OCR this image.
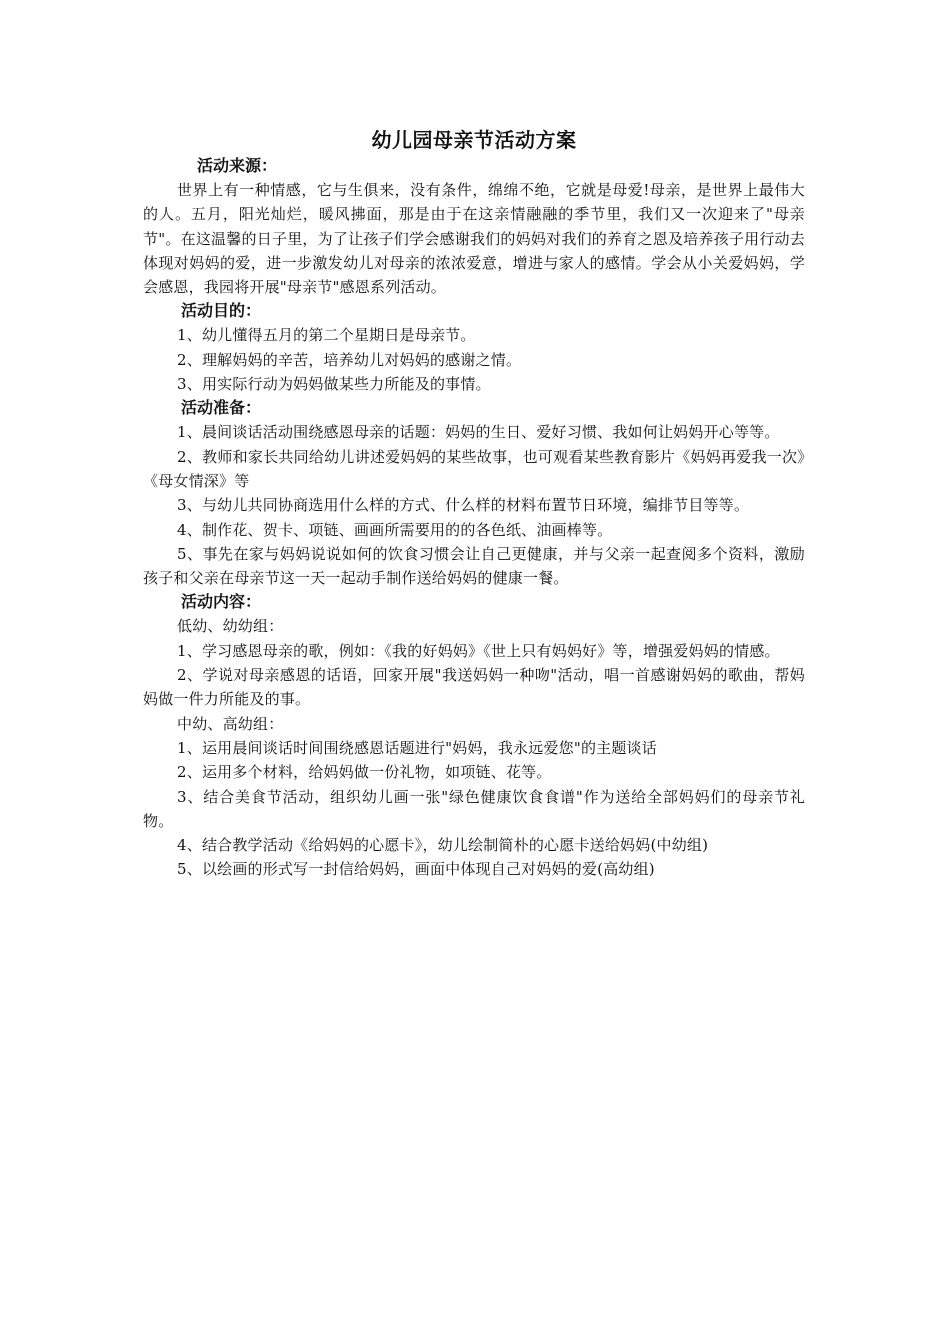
幼儿园母亲节活动方案
活动来源：

世界上有一种情感，它与生俱来，没有条件，绵绵不绝，它就是母爱!母亲，是世界上最伟大的人。五月，阳光灿烂，暖风拂面，那是由于在这亲情融融的季节里，我们又一次迎来了"母亲节"。在这温馨的日子里，为了让孩子们学会感谢我们的妈妈对我们的养育之恩及培养孩子用行动去体现对妈妈的爱，进一步激发幼儿对母亲的浓浓爱意，增进与家人的感情。学会从小关爱妈妈，学会感恩，我园将开展"母亲节"感恩系列活动。

活动目的：

1、幼儿懂得五月的第二个星期日是母亲节。

2、理解妈妈的辛苦，培养幼儿对妈妈的感谢之情。

3、用实际行动为妈妈做某些力所能及的事情。

活动准备：

1、晨间谈话活动围绕感恩母亲的话题：妈妈的生日、爱好习惯、我如何让妈妈开心等等。

2、教师和家长共同给幼儿讲述爱妈妈的某些故事，也可观看某些教育影片《妈妈再爱我一次》《母女情深》等

3、与幼儿共同协商选用什么样的方式、什么样的材料布置节日环境，编排节目等等。

4、制作花、贺卡、项链、画画所需要用的的各色纸、油画棒等。

5、事先在家与妈妈说说如何的饮食习惯会让自己更健康，并与父亲一起查阅多个资料，激励孩子和父亲在母亲节这一天一起动手制作送给妈妈的健康一餐。

活动内容：

低幼、幼幼组：

1、学习感恩母亲的歌，例如：《我的好妈妈》《世上只有妈妈好》等，增强爱妈妈的情感。

2、学说对母亲感恩的话语，回家开展"我送妈妈一种吻"活动，唱一首感谢妈妈的歌曲，帮妈妈做一件力所能及的事。

中幼、高幼组：

1、运用晨间谈话时间围绕感恩话题进行"妈妈，我永远爱您"的主题谈话

2、运用多个材料，给妈妈做一份礼物，如项链、花等。

3、结合美食节活动，组织幼儿画一张"绿色健康饮食食谱"作为送给全部妈妈们的母亲节礼物。

4、结合教学活动《给妈妈的心愿卡》，幼儿绘制简朴的心愿卡送给妈妈(中幼组)

5、以绘画的形式写一封信给妈妈，画面中体现自己对妈妈的爱(高幼组)
